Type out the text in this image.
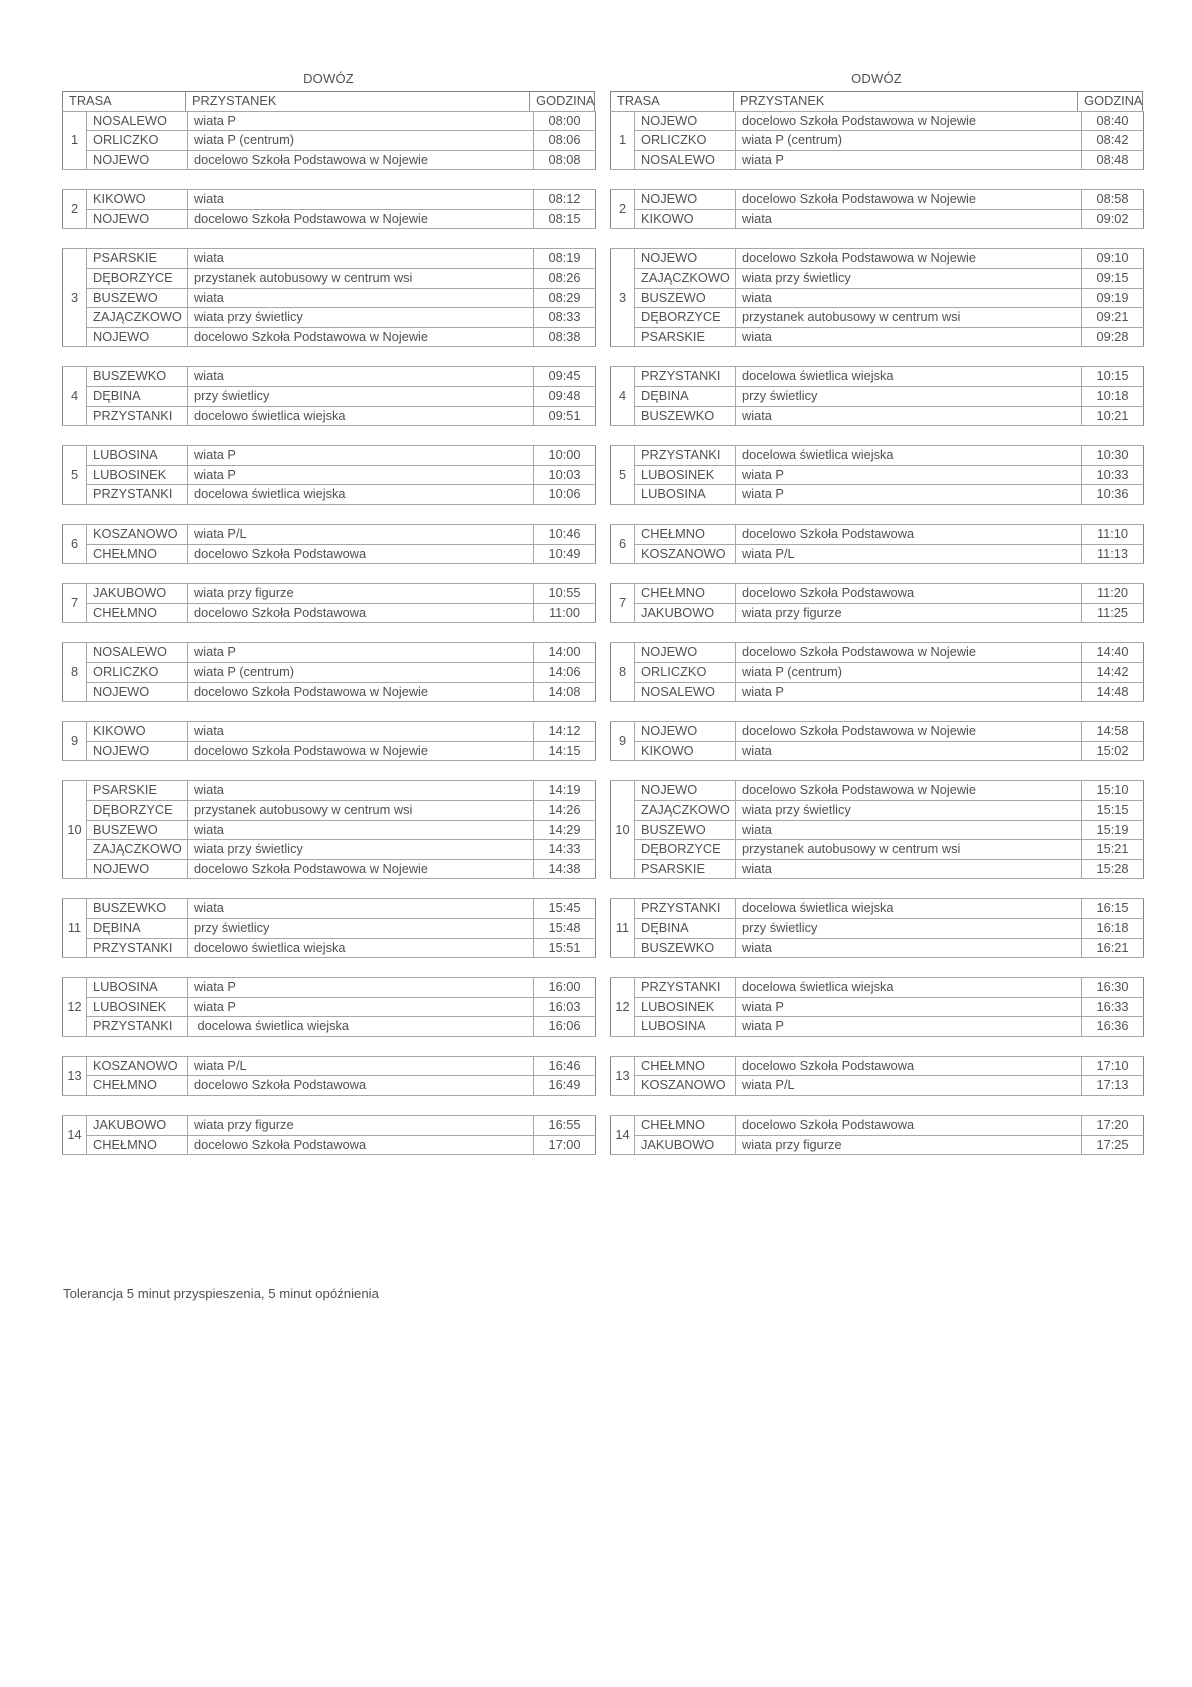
DOWÓZ
TRASA	PRZYSTANEK	GODZINA
1	NOSALEWO	wiata P	08:00
	ORLICZKO	wiata P (centrum)	08:06
	NOJEWO	docelowo Szkoła Podstawowa w Nojewie	08:08
2	KIKOWO	wiata	08:12
	NOJEWO	docelowo Szkoła Podstawowa w Nojewie	08:15
3	PSARSKIE	wiata	08:19
	DĘBORZYCE	przystanek autobusowy w centrum wsi	08:26
	BUSZEWO	wiata	08:29
	ZAJĄCZKOWO	wiata przy świetlicy	08:33
	NOJEWO	docelowo Szkoła Podstawowa w Nojewie	08:38
4	BUSZEWKO	wiata	09:45
	DĘBINA	przy świetlicy	09:48
	PRZYSTANKI	docelowo świetlica wiejska	09:51
5	LUBOSINA	wiata P	10:00
	LUBOSINEK	wiata P	10:03
	PRZYSTANKI	docelowa świetlica wiejska	10:06
6	KOSZANOWO	wiata P/L	10:46
	CHEŁMNO	docelowo Szkoła Podstawowa	10:49
7	JAKUBOWO	wiata przy figurze	10:55
	CHEŁMNO	docelowo Szkoła Podstawowa	11:00
8	NOSALEWO	wiata P	14:00
	ORLICZKO	wiata P (centrum)	14:06
	NOJEWO	docelowo Szkoła Podstawowa w Nojewie	14:08
9	KIKOWO	wiata	14:12
	NOJEWO	docelowo Szkoła Podstawowa w Nojewie	14:15
10	PSARSKIE	wiata	14:19
	DĘBORZYCE	przystanek autobusowy w centrum wsi	14:26
	BUSZEWO	wiata	14:29
	ZAJĄCZKOWO	wiata przy świetlicy	14:33
	NOJEWO	docelowo Szkoła Podstawowa w Nojewie	14:38
11	BUSZEWKO	wiata	15:45
	DĘBINA	przy świetlicy	15:48
	PRZYSTANKI	docelowo świetlica wiejska	15:51
12	LUBOSINA	wiata P	16:00
	LUBOSINEK	wiata P	16:03
	PRZYSTANKI	docelowa świetlica wiejska	16:06
13	KOSZANOWO	wiata P/L	16:46
	CHEŁMNO	docelowo Szkoła Podstawowa	16:49
14	JAKUBOWO	wiata przy figurze	16:55
	CHEŁMNO	docelowo Szkoła Podstawowa	17:00
ODWÓZ
TRASA	PRZYSTANEK	GODZINA
1	NOJEWO	docelowo Szkoła Podstawowa w Nojewie	08:40
	ORLICZKO	wiata P (centrum)	08:42
	NOSALEWO	wiata P	08:48
2	NOJEWO	docelowo Szkoła Podstawowa w Nojewie	08:58
	KIKOWO	wiata	09:02
3	NOJEWO	docelowo Szkoła Podstawowa w Nojewie	09:10
	ZAJĄCZKOWO	wiata przy świetlicy	09:15
	BUSZEWO	wiata	09:19
	DĘBORZYCE	przystanek autobusowy w centrum wsi	09:21
	PSARSKIE	wiata	09:28
4	PRZYSTANKI	docelowa świetlica wiejska	10:15
	DĘBINA	przy świetlicy	10:18
	BUSZEWKO	wiata	10:21
5	PRZYSTANKI	docelowa świetlica wiejska	10:30
	LUBOSINEK	wiata P	10:33
	LUBOSINA	wiata P	10:36
6	CHEŁMNO	docelowo Szkoła Podstawowa	11:10
	KOSZANOWO	wiata P/L	11:13
7	CHEŁMNO	docelowo Szkoła Podstawowa	11:20
	JAKUBOWO	wiata przy figurze	11:25
8	NOJEWO	docelowo Szkoła Podstawowa w Nojewie	14:40
	ORLICZKO	wiata P (centrum)	14:42
	NOSALEWO	wiata P	14:48
9	NOJEWO	docelowo Szkoła Podstawowa w Nojewie	14:58
	KIKOWO	wiata	15:02
10	NOJEWO	docelowo Szkoła Podstawowa w Nojewie	15:10
	ZAJĄCZKOWO	wiata przy świetlicy	15:15
	BUSZEWO	wiata	15:19
	DĘBORZYCE	przystanek autobusowy w centrum wsi	15:21
	PSARSKIE	wiata	15:28
11	PRZYSTANKI	docelowa świetlica wiejska	16:15
	DĘBINA	przy świetlicy	16:18
	BUSZEWKO	wiata	16:21
12	PRZYSTANKI	docelowa świetlica wiejska	16:30
	LUBOSINEK	wiata P	16:33
	LUBOSINA	wiata P	16:36
13	CHEŁMNO	docelowo Szkoła Podstawowa	17:10
	KOSZANOWO	wiata P/L	17:13
14	CHEŁMNO	docelowo Szkoła Podstawowa	17:20
	JAKUBOWO	wiata przy figurze	17:25

Tolerancja 5 minut przyspieszenia, 5 minut opóźnienia
